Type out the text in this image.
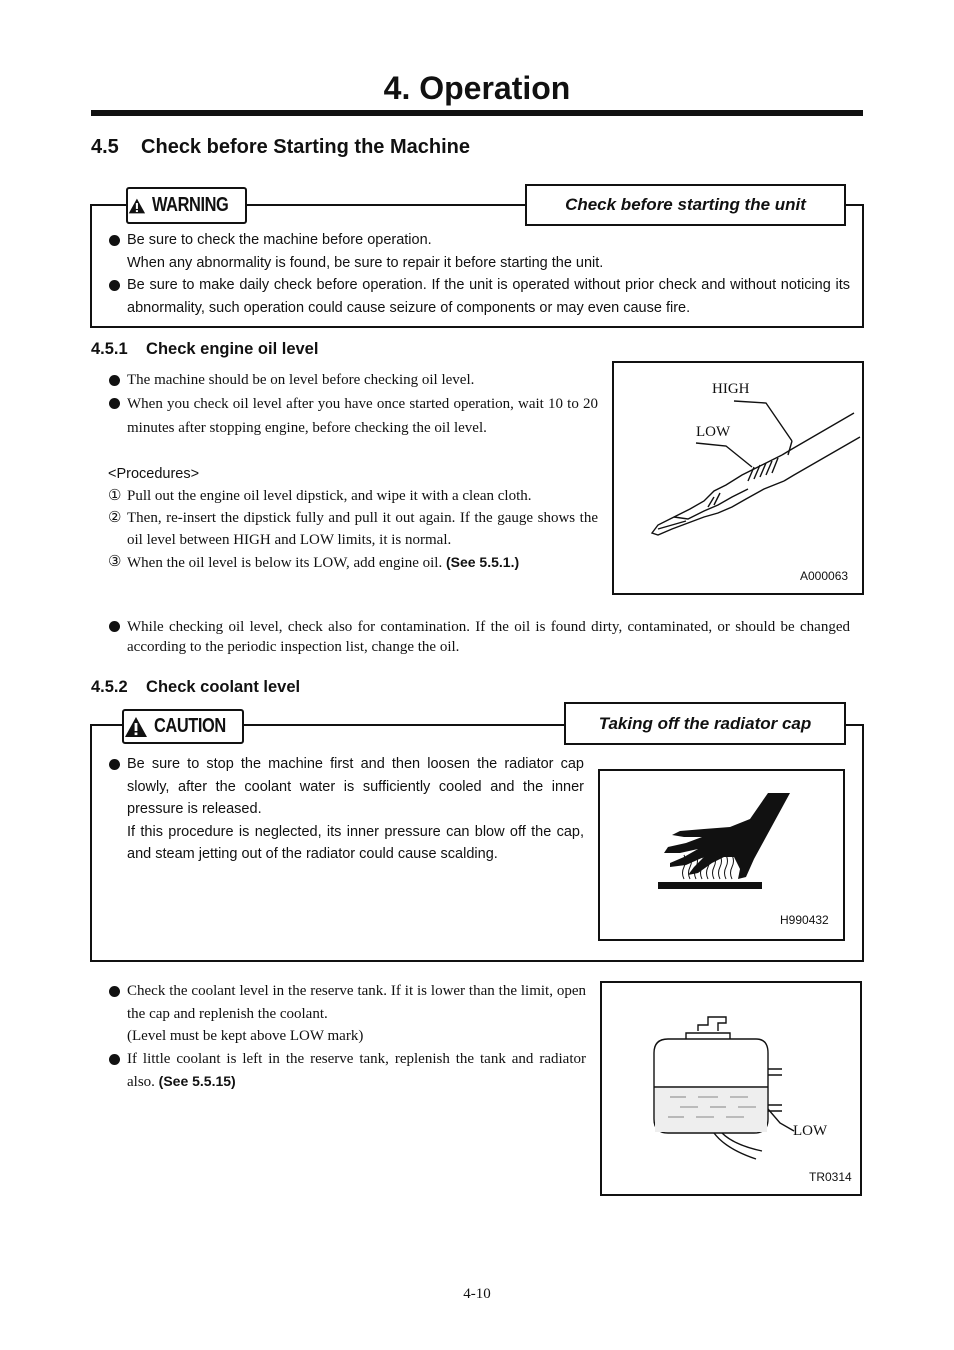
4. Operation
4.5    Check before Starting the Machine
WARNING	Check before starting the unit
Be sure to check the machine before operation.
When any abnormality is found, be sure to repair it before starting the unit.
Be sure to make daily check before operation. If the unit is operated without prior check and without noticing its abnormality, such operation could cause seizure of components or may even cause fire.
4.5.1    Check engine oil level
The machine should be on level before checking oil level.
When you check oil level after you have once started operation, wait 10 to 20 minutes after stopping engine, before checking the oil level.
<Procedures>
① Pull out the engine oil level dipstick, and wipe it with a clean cloth.
② Then, re-insert the dipstick fully and pull it out again. If the gauge shows the oil level between HIGH and LOW limits, it is normal.
③ When the oil level is below its LOW, add engine oil. (See 5.5.1.)
While checking oil level, check also for contamination. If the oil is found dirty, contaminated, or should be changed according to the periodic inspection list, change the oil.
HIGH
LOW
A000063
4.5.2    Check coolant level
CAUTION	Taking off the radiator cap
Be sure to stop the machine first and then loosen the radiator cap slowly, after the coolant water is sufficiently cooled and the inner pressure is released.
If this procedure is neglected, its inner pressure can blow off the cap, and steam jetting out of the radiator could cause scalding.
H990432
Check the coolant level in the reserve tank. If it is lower than the limit, open the cap and replenish the coolant.
(Level must be kept above LOW mark)
If little coolant is left in the reserve tank, replenish the tank and radiator also. (See 5.5.15)
LOW
TR0314
4-10
